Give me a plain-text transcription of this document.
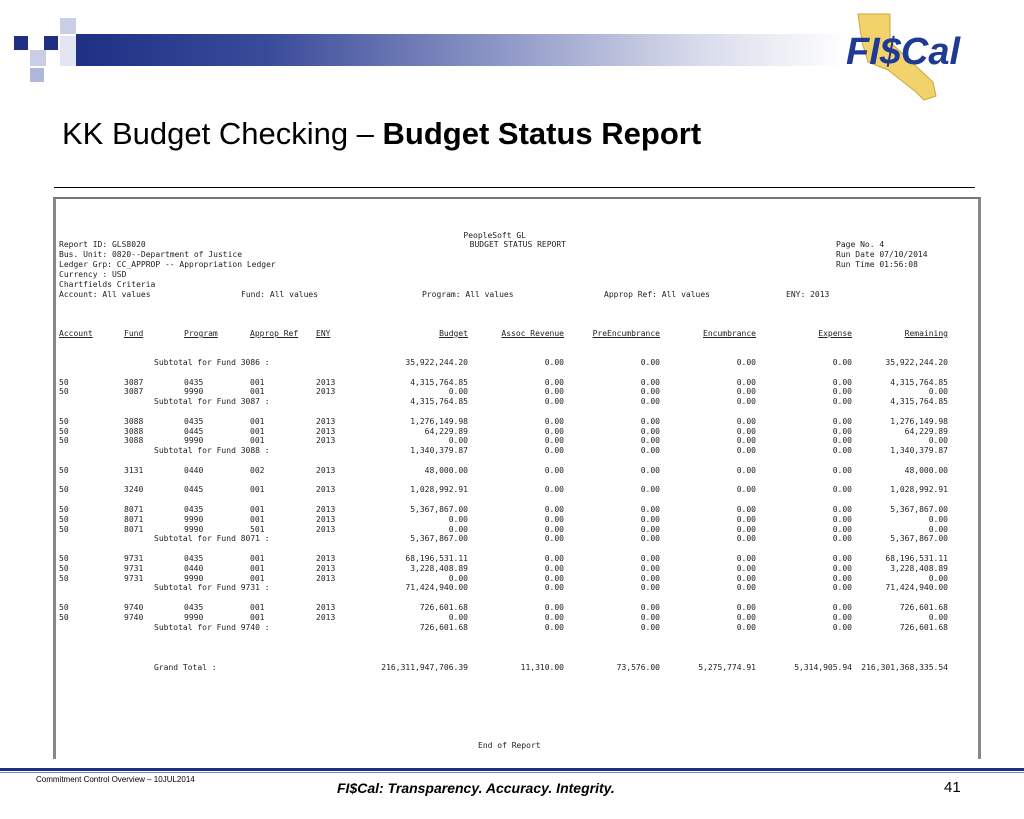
FI$Cal
KK Budget Checking – Budget Status Report
PeopleSoft GL
BUDGET STATUS REPORT
Report ID: GLS8020
Bus. Unit: 0820--Department of Justice
Ledger Grp: CC_APPROP -- Appropriation Ledger
Currency : USD
Chartfields Criteria
Page No. 4
Run Date 07/10/2014
Run Time 01:56:08
Account: All values	Fund: All values	Program: All values	Approp Ref: All values	ENY: 2013
Account	Fund	Program	Approp Ref ENY	Budget	Assoc Revenue	PreEncumbrance	Encumbrance	Expense	Remaining
Subtotal for Fund 3086 :	35,922,244.20	0.00	0.00	0.00	0.00	35,922,244.20
50	3087	0435	001	2013	4,315,764.85	0.00	0.00	0.00	0.00	4,315,764.85
50	3087	9990	001	2013	0.00	0.00	0.00	0.00	0.00	0.00
Subtotal for Fund 3087 :	4,315,764.85	0.00	0.00	0.00	0.00	4,315,764.85
50	3088	0435	001	2013	1,276,149.98	0.00	0.00	0.00	0.00	1,276,149.98
50	3088	0445	001	2013	64,229.89	0.00	0.00	0.00	0.00	64,229.89
50	3088	9990	001	2013	0.00	0.00	0.00	0.00	0.00	0.00
Subtotal for Fund 3088 :	1,340,379.87	0.00	0.00	0.00	0.00	1,340,379.87
50	3131	0440	002	2013	48,000.00	0.00	0.00	0.00	0.00	48,000.00
50	3240	0445	001	2013	1,028,992.91	0.00	0.00	0.00	0.00	1,028,992.91
50	8071	0435	001	2013	5,367,867.00	0.00	0.00	0.00	0.00	5,367,867.00
50	8071	9990	001	2013	0.00	0.00	0.00	0.00	0.00	0.00
50	8071	9990	501	2013	0.00	0.00	0.00	0.00	0.00	0.00
Subtotal for Fund 8071 :	5,367,867.00	0.00	0.00	0.00	0.00	5,367,867.00
50	9731	0435	001	2013	68,196,531.11	0.00	0.00	0.00	0.00	68,196,531.11
50	9731	0440	001	2013	3,228,408.89	0.00	0.00	0.00	0.00	3,228,408.89
50	9731	9990	001	2013	0.00	0.00	0.00	0.00	0.00	0.00
Subtotal for Fund 9731 :	71,424,940.00	0.00	0.00	0.00	0.00	71,424,940.00
50	9740	0435	001	2013	726,601.68	0.00	0.00	0.00	0.00	726,601.68
50	9740	9990	001	2013	0.00	0.00	0.00	0.00	0.00	0.00
Subtotal for Fund 9740 :	726,601.68	0.00	0.00	0.00	0.00	726,601.68
Grand Total :	216,311,947,706.39	11,310.00	73,576.00	5,275,774.91	5,314,905.94	216,301,368,335.54
End of Report
Commitment Control Overview – 10JUL2014
FI$Cal: Transparency. Accuracy. Integrity.	41
